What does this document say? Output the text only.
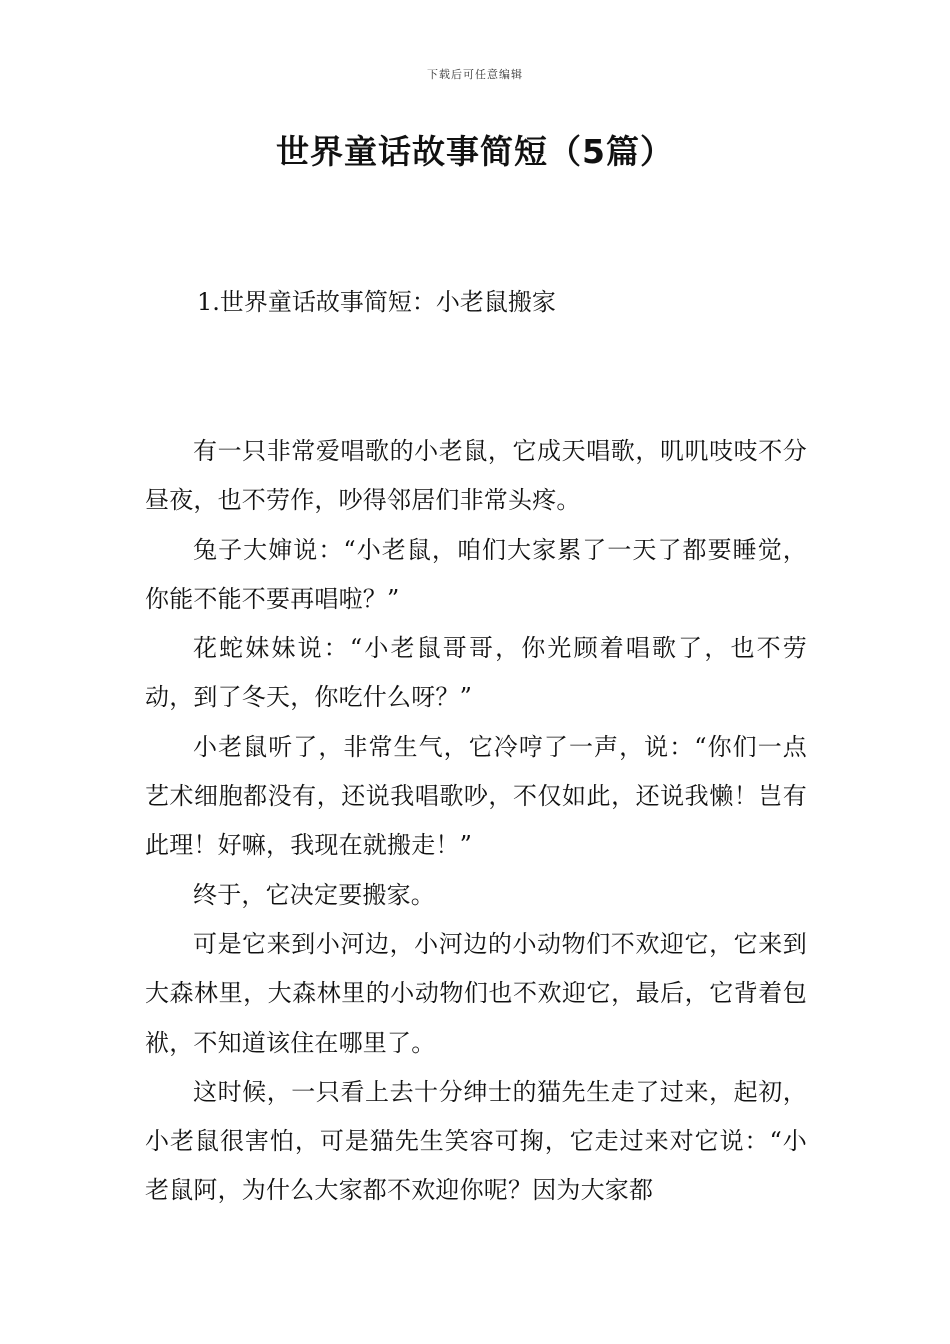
下载后可任意编辑
世界童话故事简短（5篇）
1.世界童话故事简短：小老鼠搬家

有一只非常爱唱歌的小老鼠，它成天唱歌，叽叽吱吱不分昼夜，也不劳作，吵得邻居们非常头疼。

兔子大婶说：“小老鼠，咱们大家累了一天了都要睡觉，你能不能不要再唱啦？”

花蛇妹妹说：“小老鼠哥哥，你光顾着唱歌了，也不劳动，到了冬天，你吃什么呀？”

小老鼠听了，非常生气，它冷哼了一声，说：“你们一点艺术细胞都没有，还说我唱歌吵，不仅如此，还说我懒！岂有此理！好嘛，我现在就搬走！”

终于，它决定要搬家。

可是它来到小河边，小河边的小动物们不欢迎它，它来到大森林里，大森林里的小动物们也不欢迎它，最后，它背着包袱，不知道该住在哪里了。

这时候，一只看上去十分绅士的猫先生走了过来，起初，小老鼠很害怕，可是猫先生笑容可掬，它走过来对它说：“小老鼠阿，为什么大家都不欢迎你呢？因为大家都
